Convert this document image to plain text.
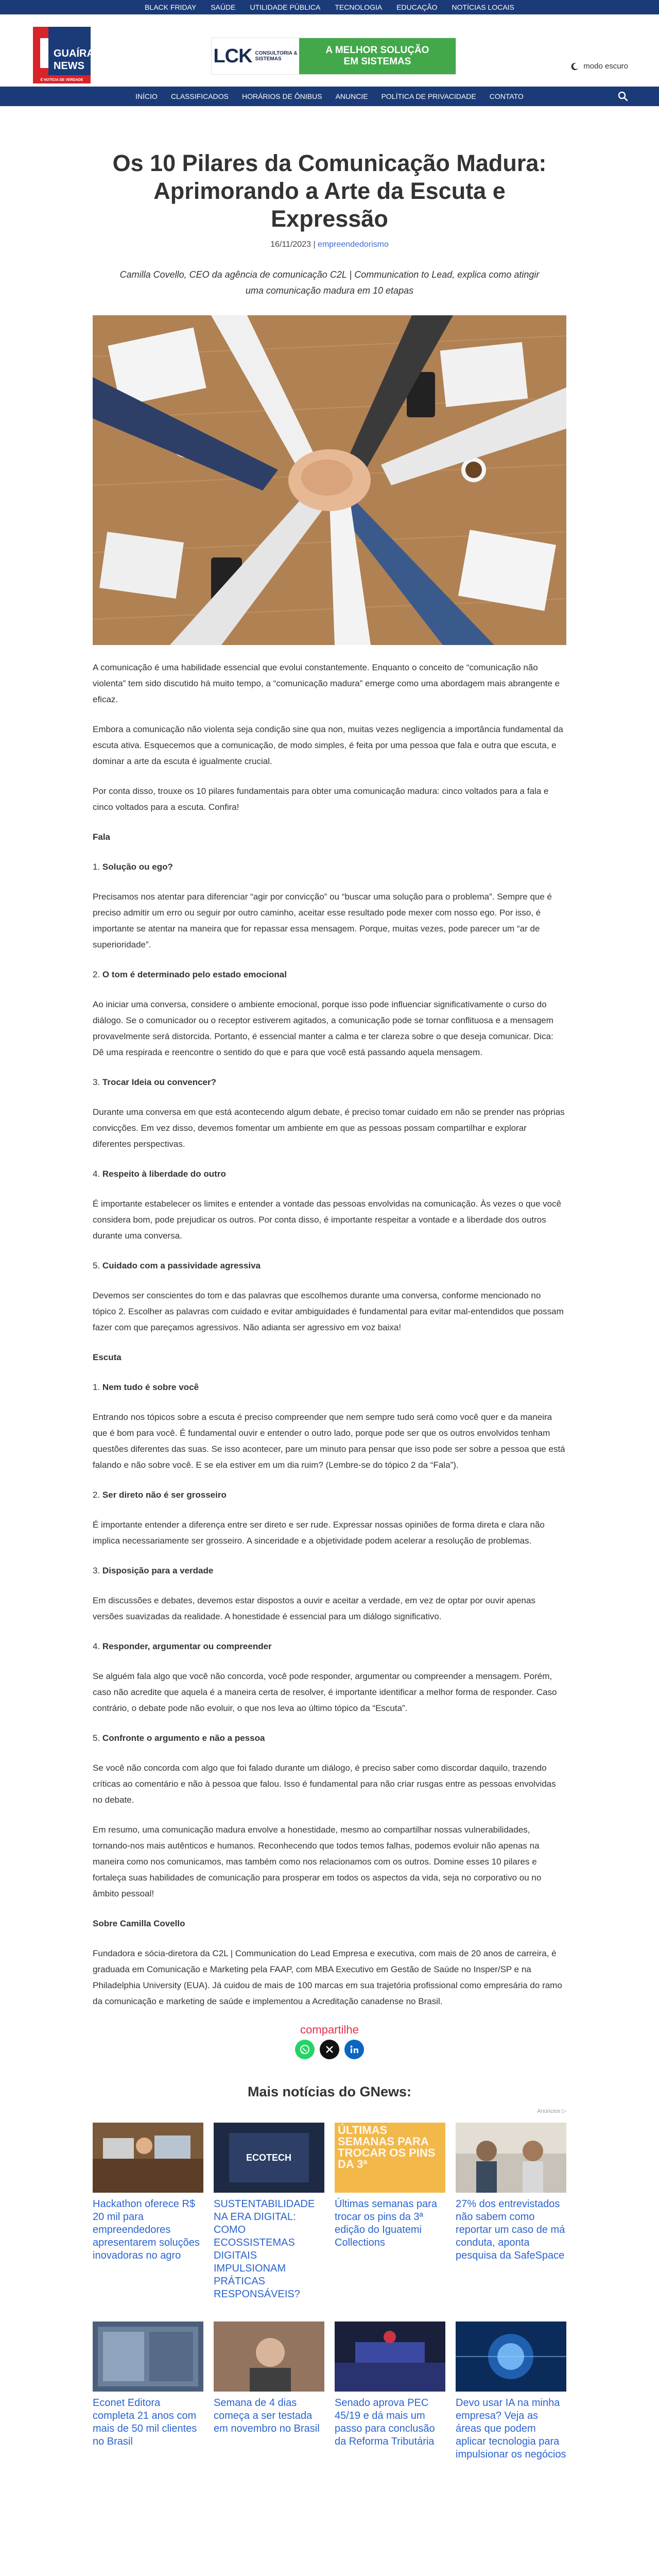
BLACK FRIDAY SAÚDE UTILIDADE PÚBLICA TECNOLOGIA EDUCAÇÃO NOTÍCIAS LOCAIS
GUAÍRA
NEWS
É NOTÍCIA DE VERDADE
LCK CONSULTORIA &
SISTEMAS
A MELHOR SOLUÇÃO
EM SISTEMAS	modo escuro
INÍCIO CLASSIFICADOS HORÁRIOS DE ÔNIBUS ANUNCIE POLÍTICA DE PRIVACIDADE CONTATO
Os 10 Pilares da Comunicação Madura: Aprimorando a Arte da Escuta e Expressão
16/11/2023 | empreendedorismo
Camilla Covello, CEO da agência de comunicação C2L | Communication to Lead, explica como atingir uma comunicação madura em 10 etapas

A comunicação é uma habilidade essencial que evolui constantemente. Enquanto o conceito de “comunicação não violenta” tem sido discutido há muito tempo, a “comunicação madura” emerge como uma abordagem mais abrangente e eficaz.

Embora a comunicação não violenta seja condição sine qua non, muitas vezes negligencia a importância fundamental da escuta ativa. Esquecemos que a comunicação, de modo simples, é feita por uma pessoa que fala e outra que escuta, e dominar a arte da escuta é igualmente crucial.

Por conta disso, trouxe os 10 pilares fundamentais para obter uma comunicação madura: cinco voltados para a fala e cinco voltados para a escuta. Confira!

Fala
1. Solução ou ego?

Precisamos nos atentar para diferenciar “agir por convicção” ou “buscar uma solução para o problema”. Sempre que é preciso admitir um erro ou seguir por outro caminho, aceitar esse resultado pode mexer com nosso ego. Por isso, é importante se atentar na maneira que for repassar essa mensagem. Porque, muitas vezes, pode parecer um “ar de superioridade”.

2. O tom é determinado pelo estado emocional

Ao iniciar uma conversa, considere o ambiente emocional, porque isso pode influenciar significativamente o curso do diálogo. Se o comunicador ou o receptor estiverem agitados, a comunicação pode se tornar conflituosa e a mensagem provavelmente será distorcida. Portanto, é essencial manter a calma e ter clareza sobre o que deseja comunicar. Dica: Dê uma respirada e reencontre o sentido do que e para que você está passando aquela mensagem.

3. Trocar Ideia ou convencer?

Durante uma conversa em que está acontecendo algum debate, é preciso tomar cuidado em não se prender nas próprias convicções. Em vez disso, devemos fomentar um ambiente em que as pessoas possam compartilhar e explorar diferentes perspectivas.

4. Respeito à liberdade do outro

É importante estabelecer os limites e entender a vontade das pessoas envolvidas na comunicação. Às vezes o que você considera bom, pode prejudicar os outros. Por conta disso, é importante respeitar a vontade e a liberdade dos outros durante uma conversa.

5. Cuidado com a passividade agressiva

Devemos ser conscientes do tom e das palavras que escolhemos durante uma conversa, conforme mencionado no tópico 2. Escolher as palavras com cuidado e evitar ambiguidades é fundamental para evitar mal-entendidos que possam fazer com que pareçamos agressivos. Não adianta ser agressivo em voz baixa!

Escuta
1. Nem tudo é sobre você

Entrando nos tópicos sobre a escuta é preciso compreender que nem sempre tudo será como você quer e da maneira que é bom para você. É fundamental ouvir e entender o outro lado, porque pode ser que os outros envolvidos tenham questões diferentes das suas. Se isso acontecer, pare um minuto para pensar que isso pode ser sobre a pessoa que está falando e não sobre você. E se ela estiver em um dia ruim? (Lembre-se do tópico 2 da “Fala”).

2. Ser direto não é ser grosseiro

É importante entender a diferença entre ser direto e ser rude. Expressar nossas opiniões de forma direta e clara não implica necessariamente ser grosseiro. A sinceridade e a objetividade podem acelerar a resolução de problemas.

3. Disposição para a verdade

Em discussões e debates, devemos estar dispostos a ouvir e aceitar a verdade, em vez de optar por ouvir apenas versões suavizadas da realidade. A honestidade é essencial para um diálogo significativo.

4. Responder, argumentar ou compreender

Se alguém fala algo que você não concorda, você pode responder, argumentar ou compreender a mensagem. Porém, caso não acredite que aquela é a maneira certa de resolver, é importante identificar a melhor forma de responder. Caso contrário, o debate pode não evoluir, o que nos leva ao último tópico da “Escuta”.

5. Confronte o argumento e não a pessoa

Se você não concorda com algo que foi falado durante um diálogo, é preciso saber como discordar daquilo, trazendo críticas ao comentário e não à pessoa que falou. Isso é fundamental para não criar rusgas entre as pessoas envolvidas no debate.

Em resumo, uma comunicação madura envolve a honestidade, mesmo ao compartilhar nossas vulnerabilidades, tornando-nos mais autênticos e humanos. Reconhecendo que todos temos falhas, podemos evoluir não apenas na maneira como nos comunicamos, mas também como nos relacionamos com os outros. Domine esses 10 pilares e fortaleça suas habilidades de comunicação para prosperar em todos os aspectos da vida, seja no corporativo ou no âmbito pessoal!

Sobre Camilla Covello

Fundadora e sócia-diretora da C2L | Communication do Lead Empresa e executiva, com mais de 20 anos de carreira, é graduada em Comunicação e Marketing pela FAAP, com MBA Executivo em Gestão de Saúde no Insper/SP e na Philadelphia University (EUA). Já cuidou de mais de 100 marcas em sua trajetória profissional como empresária do ramo da comunicação e marketing de saúde e implementou a Acreditação canadense no Brasil.

compartilhe
Mais notícias do GNews:
Anúncios ▷
Hackathon oferece R$ 20 mil para empreendedores apresentarem soluções inovadoras no agro
ECOTECH
SUSTENTABILIDADE NA ERA DIGITAL: COMO ECOSSISTEMAS DIGITAIS IMPULSIONAM PRÁTICAS RESPONSÁVEIS?
ÚLTIMAS SEMANAS PARA TROCAR OS PINS DA 3ª
Últimas semanas para trocar os pins da 3ª edição do Iguatemi Collections
27% dos entrevistados não sabem como reportar um caso de má conduta, aponta pesquisa da SafeSpace
Econet Editora completa 21 anos com mais de 50 mil clientes no Brasil
Semana de 4 dias começa a ser testada em novembro no Brasil
Senado aprova PEC 45/19 e dá mais um passo para conclusão da Reforma Tributária
Devo usar IA na minha empresa? Veja as áreas que podem aplicar tecnologia para impulsionar os negócios
